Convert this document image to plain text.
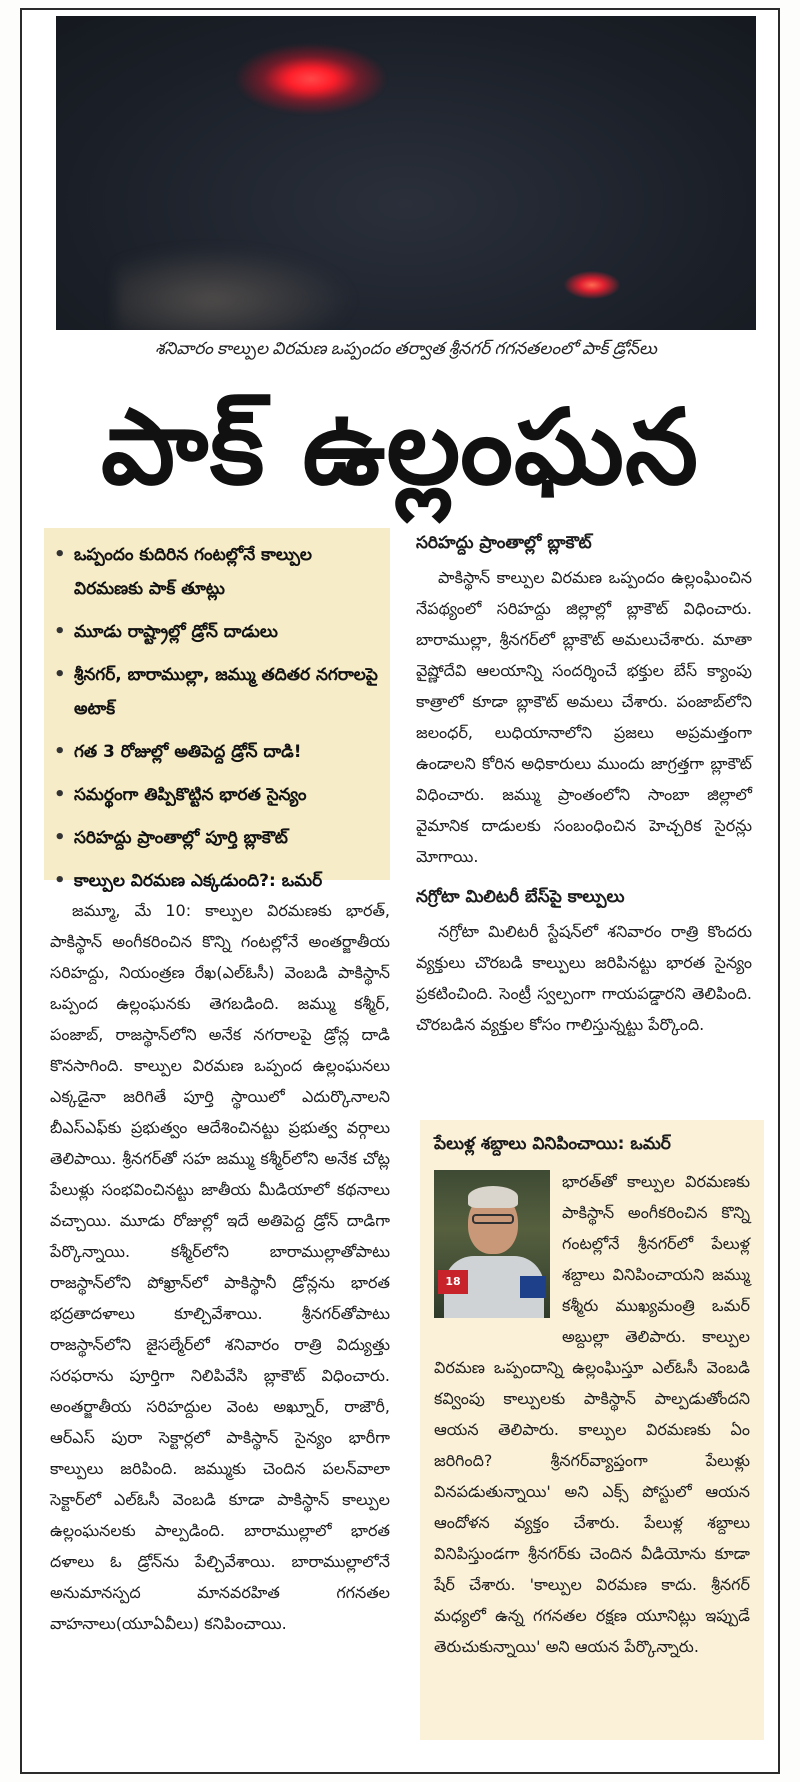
శనివారం కాల్పుల విరమణ ఒప్పందం తర్వాత శ్రీనగర్ గగనతలంలో పాక్ డ్రోన్‌లు
పాక్ ఉల్లంఘన
• ఒప్పందం కుదిరిన గంటల్లోనే కాల్పుల విరమణకు పాక్ తూట్లు
• మూడు రాష్ట్రాల్లో డ్రోన్ దాడులు
• శ్రీనగర్, బారాముల్లా, జమ్ము తదితర నగరాలపై అటాక్
• గత 3 రోజుల్లో అతిపెద్ద డ్రోన్ దాడి!
• సమర్థంగా తిప్పికొట్టిన భారత సైన్యం
• సరిహద్దు ప్రాంతాల్లో పూర్తి బ్లాకౌట్
• కాల్పుల విరమణ ఎక్కడుంది?: ఒమర్

జమ్మూ, మే 10: కాల్పుల విరమణకు భారత్, పాకిస్థాన్ అంగీకరించిన కొన్ని గంటల్లోనే అంతర్జాతీయ సరిహద్దు, నియంత్రణ రేఖ(ఎల్‌ఓసీ) వెంబడి పాకిస్థాన్ ఒప్పంద ఉల్లంఘనకు తెగబడింది. జమ్ము కశ్మీర్, పంజాబ్, రాజస్థాన్‌లోని అనేక నగరాలపై డ్రోన్ల దాడి కొనసాగింది. కాల్పుల విరమణ ఒప్పంద ఉల్లంఘనలు ఎక్కడైనా జరిగితే పూర్తి స్థాయిలో ఎదుర్కొనాలని బీఎస్ఎఫ్‌కు ప్రభుత్వం ఆదేశించినట్టు ప్రభుత్వ వర్గాలు తెలిపాయి. శ్రీనగర్‌తో సహ జమ్ము కశ్మీర్‌లోని అనేక చోట్ల పేలుళ్లు సంభవించినట్టు జాతీయ మీడియాలో కథనాలు వచ్చాయి. మూడు రోజుల్లో ఇదే అతిపెద్ద డ్రోన్ దాడిగా పేర్కొన్నాయి. కశ్మీర్‌లోని బారాముల్లాతోపాటు రాజస్థాన్‌లోని పోఖ్రాన్‌లో పాకిస్థానీ డ్రోన్లను భారత భద్రతాదళాలు కూల్చివేశాయి. శ్రీనగర్‌తోపాటు రాజస్థాన్‌లోని జైసల్మేర్‌లో శనివారం రాత్రి విద్యుత్తు సరఫరాను పూర్తిగా నిలిపివేసి బ్లాకౌట్ విధించారు. అంతర్జాతీయ సరిహద్దుల వెంట అఖ్నూర్, రాజౌరీ, ఆర్ఎస్ పురా సెక్టార్లలో పాకిస్థాన్ సైన్యం భారీగా కాల్పులు జరిపింది. జమ్ముకు చెందిన పలన్‌వాలా సెక్టార్‌లో ఎల్‌ఓసీ వెంబడి కూడా పాకిస్థాన్ కాల్పుల ఉల్లంఘనలకు పాల్పడింది. బారాముల్లాలో భారత దళాలు ఓ డ్రోన్‌ను పేల్చివేశాయి. బారాముల్లాలోనే అనుమానస్పద మానవరహిత గగనతల వాహనాలు(యూఏవీలు) కనిపించాయి.

సరిహద్దు ప్రాంతాల్లో బ్లాకౌట్

పాకిస్థాన్ కాల్పుల విరమణ ఒప్పందం ఉల్లంఘించిన నేపథ్యంలో సరిహద్దు జిల్లాల్లో బ్లాకౌట్ విధించారు. బారాముల్లా, శ్రీనగర్‌లో బ్లాకౌట్ అమలుచేశారు. మాతా వైష్ణోదేవి ఆలయాన్ని సందర్శించే భక్తుల బేస్ క్యాంపు కాత్రాలో కూడా బ్లాకౌట్ అమలు చేశారు. పంజాబ్‌లోని జలంధర్, లుధియానాలోని ప్రజలు అప్రమత్తంగా ఉండాలని కోరిన అధికారులు ముందు జాగ్రత్తగా బ్లాకౌట్ విధించారు. జమ్ము ప్రాంతంలోని సాంబా జిల్లాలో వైమానిక దాడులకు సంబంధించిన హెచ్చరిక సైరన్లు మోగాయి.

నగ్రోటా మిలిటరీ బేస్‌పై కాల్పులు

నగ్రోటా మిలిటరీ స్టేషన్‌లో శనివారం రాత్రి కొందరు వ్యక్తులు చొరబడి కాల్పులు జరిపినట్టు భారత సైన్యం ప్రకటించింది. సెంట్రీ స్వల్పంగా గాయపడ్డారని తెలిపింది. చొరబడిన వ్యక్తుల కోసం గాలిస్తున్నట్టు పేర్కొంది.

పేలుళ్ల శబ్దాలు వినిపించాయి: ఒమర్
18
భారత్‌తో కాల్పుల విరమణకు పాకిస్థాన్ అంగీకరించిన కొన్ని గంటల్లోనే శ్రీనగర్‌లో పేలుళ్ల శబ్దాలు వినిపించాయని జమ్ము కశ్మీరు ముఖ్యమంత్రి ఒమర్ అబ్దుల్లా తెలిపారు. కాల్పుల విరమణ ఒప్పందాన్ని ఉల్లంఘిస్తూ ఎల్‌ఓసీ వెంబడి కవ్వింపు కాల్పులకు పాకిస్థాన్ పాల్పడుతోందని ఆయన తెలిపారు. కాల్పుల విరమణకు ఏం జరిగింది? శ్రీనగర్‌వ్యాప్తంగా పేలుళ్లు వినపడుతున్నాయి' అని ఎక్స్ పోస్టులో ఆయన ఆందోళన వ్యక్తం చేశారు. పేలుళ్ల శబ్దాలు వినిపిస్తుండగా శ్రీనగర్‌కు చెందిన వీడియోను కూడా షేర్ చేశారు. 'కాల్పుల విరమణ కాదు. శ్రీనగర్ మధ్యలో ఉన్న గగనతల రక్షణ యూనిట్లు ఇప్పుడే తెరుచుకున్నాయి' అని ఆయన పేర్కొన్నారు.
